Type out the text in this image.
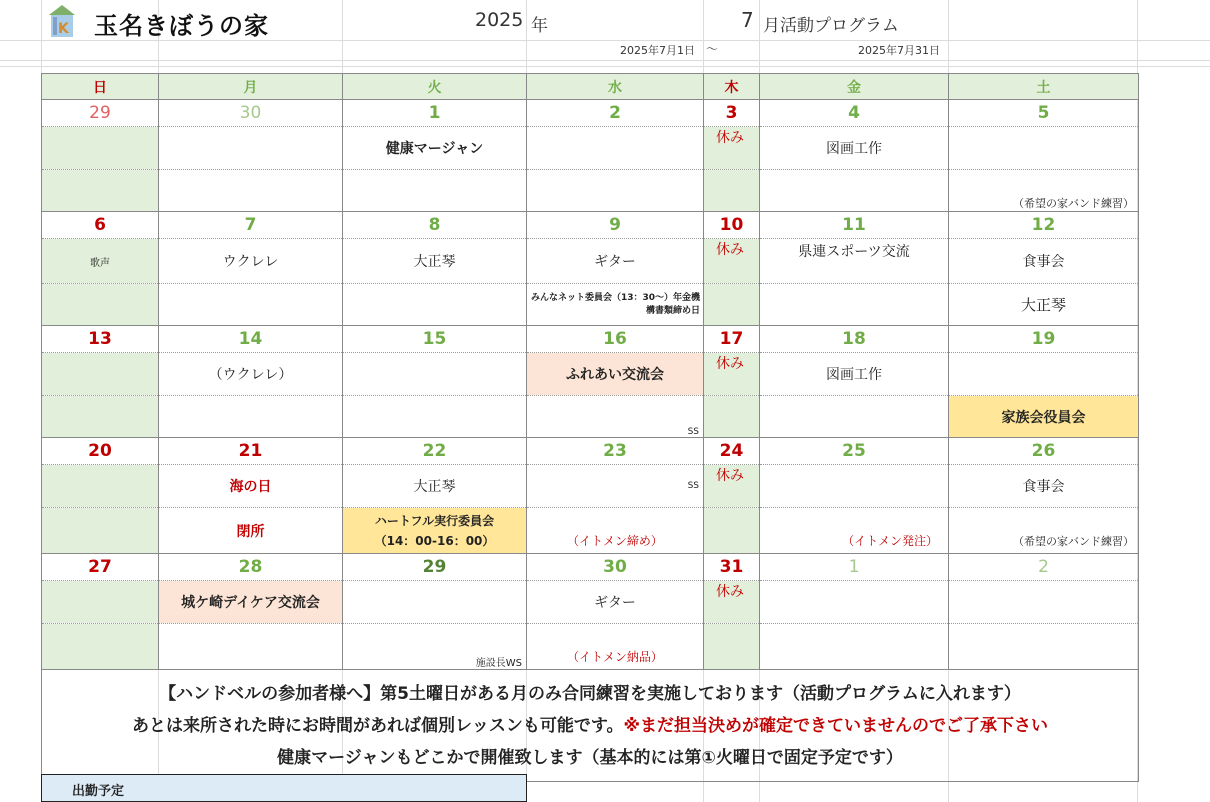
K 玉名きぼうの家	2025 年	7 月活動プログラム
2025年7月1日 〜	2025年7月31日
日	月	火	水	木	金	土
29	30	1	2	3	4	5
		健康マージャン		休み	図画工作	
						（希望の家バンド練習）
6	7	8	9	10	11	12
歌声	ウクレレ	大正琴	ギター	休み	県連スポーツ交流	食事会
			みんなネット委員会（13：30〜）年金機構書類締め日			大正琴
13	14	15	16	17	18	19
	（ウクレレ）		ふれあい交流会	休み	図画工作	
			SS			家族会役員会
20	21	22	23	24	25	26
	海の日	大正琴	SS	休み		食事会
	閉所	ハートフル実行委員会（14：00-16：00）	（イトメン締め）		（イトメン発注）	（希望の家バンド練習）
27	28	29	30	31	1	2
	城ケ崎デイケア交流会		ギター	休み		
		施設長WS	（イトメン納品）			

【ハンドベルの参加者様へ】第5土曜日がある月のみ合同練習を実施しております（活動プログラムに入れます）
あとは来所された時にお時間があれば個別レッスンも可能です。※まだ担当決めが確定できていませんのでご了承下さい
健康マージャンもどこかで開催致します（基本的には第①火曜日で固定予定です）						
出勤予定
